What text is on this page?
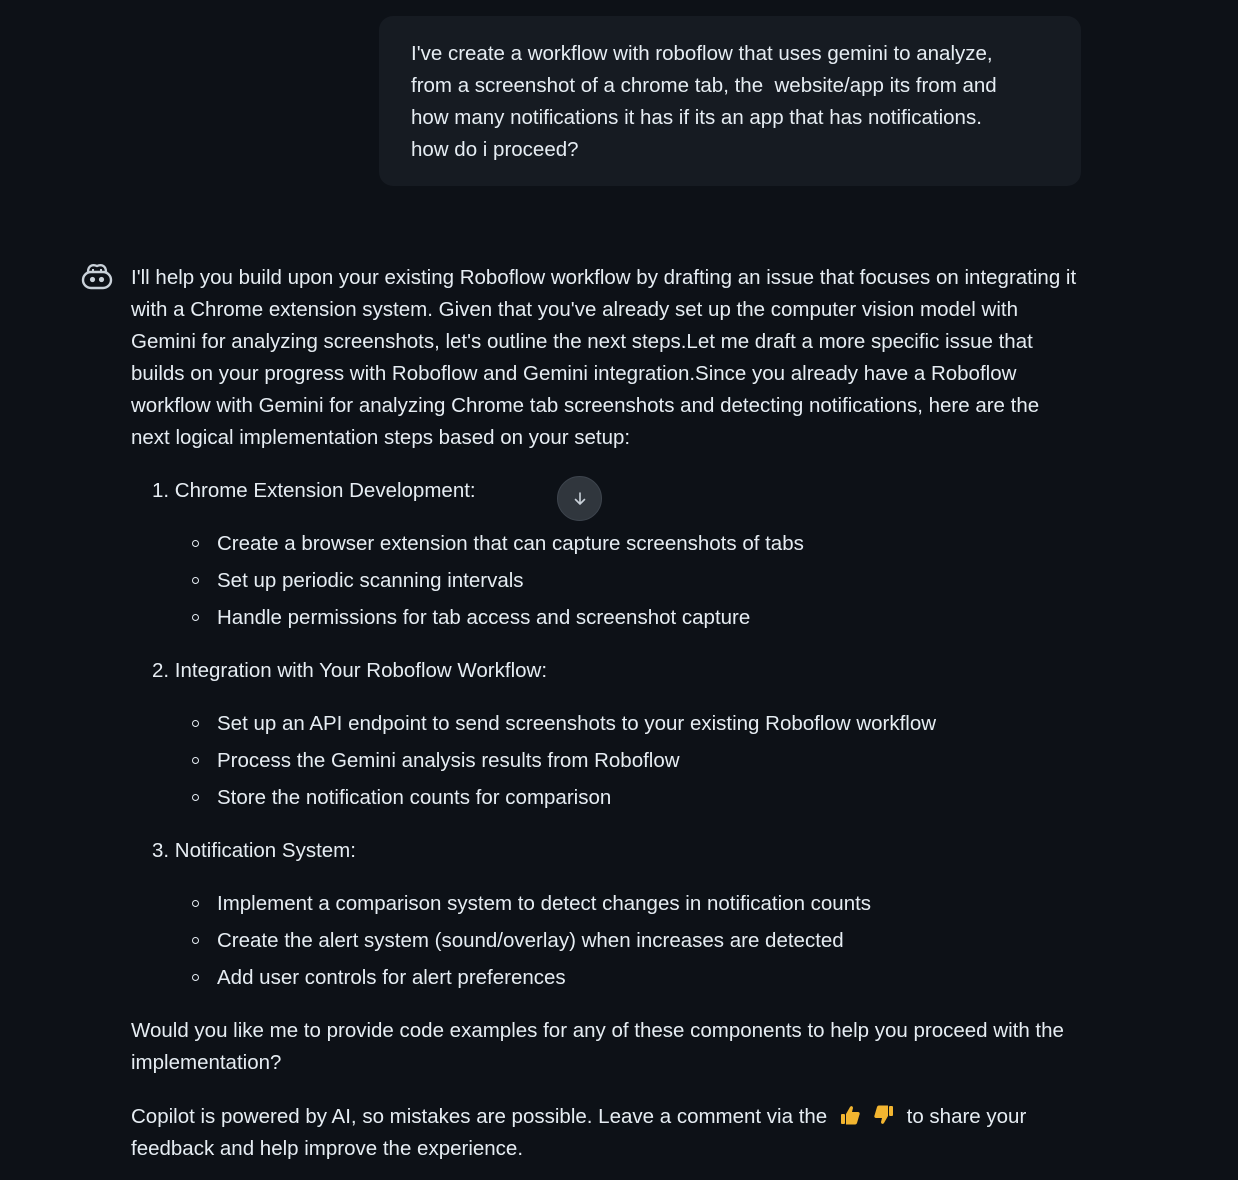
I've create a workflow with roboflow that uses gemini to analyze,
from a screenshot of a chrome tab, the  website/app its from and
how many notifications it has if its an app that has notifications.
how do i proceed?

I'll help you build upon your existing Roboflow workflow by drafting an issue that focuses on integrating it with a Chrome extension system. Given that you've already set up the computer vision model with Gemini for analyzing screenshots, let's outline the next steps.Let me draft a more specific issue that builds on your progress with Roboflow and Gemini integration.Since you already have a Roboflow workflow with Gemini for analyzing Chrome tab screenshots and detecting notifications, here are the next logical implementation steps based on your setup:

1. Chrome Extension Development:
Create a browser extension that can capture screenshots of tabs
Set up periodic scanning intervals
Handle permissions for tab access and screenshot capture
2. Integration with Your Roboflow Workflow:
Set up an API endpoint to send screenshots to your existing Roboflow workflow
Process the Gemini analysis results from Roboflow
Store the notification counts for comparison
3. Notification System:
Implement a comparison system to detect changes in notification counts
Create the alert system (sound/overlay) when increases are detected
Add user controls for alert preferences

Would you like me to provide code examples for any of these components to help you proceed with the implementation?

Copilot is powered by AI, so mistakes are possible. Leave a comment via the	to share your feedback and help improve the experience.
